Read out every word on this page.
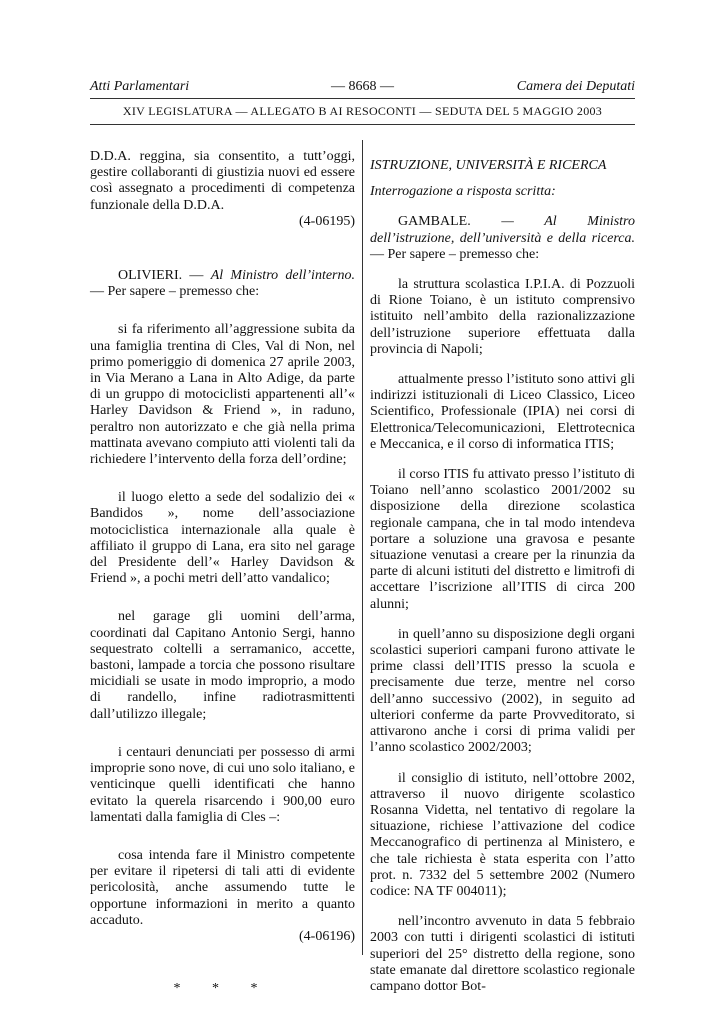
Atti Parlamentari	— 8668 —	Camera dei Deputati
XIV LEGISLATURA — ALLEGATO B AI RESOCONTI — SEDUTA DEL 5 MAGGIO 2003

D.D.A. reggina, sia consentito, a tutt’oggi, gestire collaboranti di giustizia nuovi ed essere così assegnato a procedimenti di competenza funzionale della D.D.A.

(4-06195)

OLIVIERI. — Al Ministro dell’interno. — Per sapere – premesso che:

si fa riferimento all’aggressione subita da una famiglia trentina di Cles, Val di Non, nel primo pomeriggio di domenica 27 aprile 2003, in Via Merano a Lana in Alto Adige, da parte di un gruppo di motociclisti appartenenti all’« Harley Davidson & Friend », in raduno, peraltro non autorizzato e che già nella prima mattinata avevano compiuto atti violenti tali da richiedere l’intervento della forza dell’ordine;

il luogo eletto a sede del sodalizio dei « Bandidos », nome dell’associazione motociclistica internazionale alla quale è affiliato il gruppo di Lana, era sito nel garage del Presidente dell’« Harley Davidson & Friend », a pochi metri dell’atto vandalico;

nel garage gli uomini dell’arma, coordinati dal Capitano Antonio Sergi, hanno sequestrato coltelli a serramanico, accette, bastoni, lampade a torcia che possono risultare micidiali se usate in modo improprio, a modo di randello, infine radiotrasmittenti dall’utilizzo illegale;

i centauri denunciati per possesso di armi improprie sono nove, di cui uno solo italiano, e venticinque quelli identificati che hanno evitato la querela risarcendo i 900,00 euro lamentati dalla famiglia di Cles –:

cosa intenda fare il Ministro competente per evitare il ripetersi di tali atti di evidente pericolosità, anche assumendo tutte le opportune informazioni in merito a quanto accaduto.

(4-06196)

* * *

ISTRUZIONE, UNIVERSITÀ E RICERCA

Interrogazione a risposta scritta:

GAMBALE. — Al Ministro dell’istruzione, dell’università e della ricerca. — Per sapere – premesso che:

la struttura scolastica I.P.I.A. di Pozzuoli di Rione Toiano, è un istituto comprensivo istituito nell’ambito della razionalizzazione dell’istruzione superiore effettuata dalla provincia di Napoli;

attualmente presso l’istituto sono attivi gli indirizzi istituzionali di Liceo Classico, Liceo Scientifico, Professionale (IPIA) nei corsi di Elettronica/Telecomunicazioni, Elettrotecnica e Meccanica, e il corso di informatica ITIS;

il corso ITIS fu attivato presso l’istituto di Toiano nell’anno scolastico 2001/2002 su disposizione della direzione scolastica regionale campana, che in tal modo intendeva portare a soluzione una gravosa e pesante situazione venutasi a creare per la rinunzia da parte di alcuni istituti del distretto e limitrofi di accettare l’iscrizione all’ITIS di circa 200 alunni;

in quell’anno su disposizione degli organi scolastici superiori campani furono attivate le prime classi dell’ITIS presso la scuola e precisamente due terze, mentre nel corso dell’anno successivo (2002), in seguito ad ulteriori conferme da parte Provveditorato, si attivarono anche i corsi di prima validi per l’anno scolastico 2002/2003;

il consiglio di istituto, nell’ottobre 2002, attraverso il nuovo dirigente scolastico Rosanna Videtta, nel tentativo di regolare la situazione, richiese l’attivazione del codice Meccanografico di pertinenza al Ministero, e che tale richiesta è stata esperita con l’atto prot. n. 7332 del 5 settembre 2002 (Numero codice: NA TF 004011);

nell’incontro avvenuto in data 5 febbraio 2003 con tutti i dirigenti scolastici di istituti superiori del 25° distretto della regione, sono state emanate dal direttore scolastico regionale campano dottor Bot-
